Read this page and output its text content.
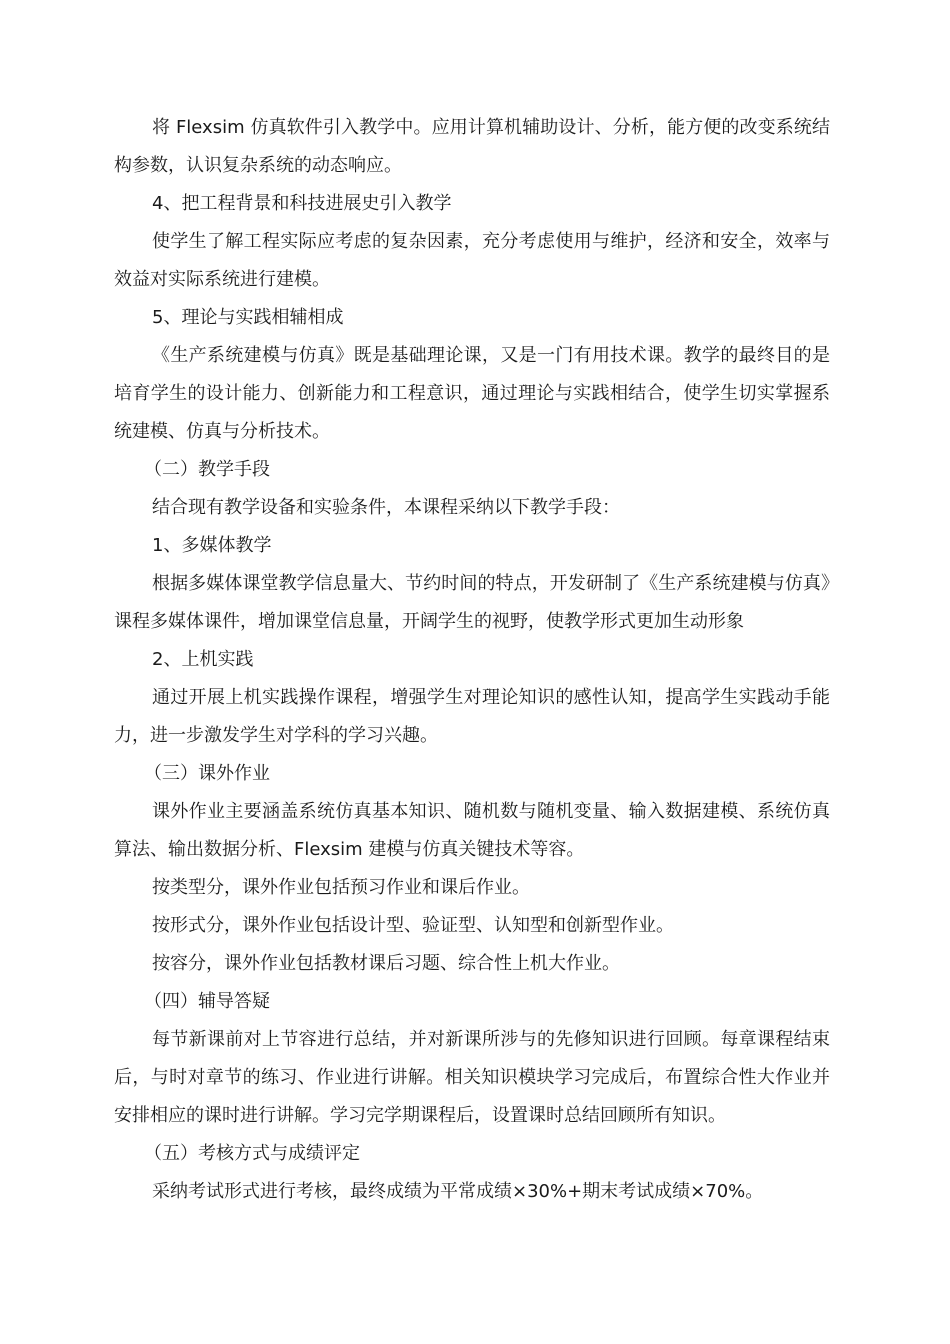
将 Flexsim 仿真软件引入教学中。应用计算机辅助设计、分析，能方便的改变系统结构参数，认识复杂系统的动态响应。

4、把工程背景和科技进展史引入教学

使学生了解工程实际应考虑的复杂因素，充分考虑使用与维护，经济和安全，效率与效益对实际系统进行建模。

5、理论与实践相辅相成

《生产系统建模与仿真》既是基础理论课，又是一门有用技术课。教学的最终目的是培育学生的设计能力、创新能力和工程意识，通过理论与实践相结合，使学生切实掌握系统建模、仿真与分析技术。

（二）教学手段

结合现有教学设备和实验条件，本课程采纳以下教学手段：

1、多媒体教学

根据多媒体课堂教学信息量大、节约时间的特点，开发研制了《生产系统建模与仿真》课程多媒体课件，增加课堂信息量，开阔学生的视野，使教学形式更加生动形象

2、上机实践

通过开展上机实践操作课程，增强学生对理论知识的感性认知，提高学生实践动手能力，进一步激发学生对学科的学习兴趣。

（三）课外作业

课外作业主要涵盖系统仿真基本知识、随机数与随机变量、输入数据建模、系统仿真算法、输出数据分析、Flexsim 建模与仿真关键技术等容。

按类型分，课外作业包括预习作业和课后作业。

按形式分，课外作业包括设计型、验证型、认知型和创新型作业。

按容分，课外作业包括教材课后习题、综合性上机大作业。

（四）辅导答疑

每节新课前对上节容进行总结，并对新课所涉与的先修知识进行回顾。每章课程结束后，与时对章节的练习、作业进行讲解。相关知识模块学习完成后，布置综合性大作业并安排相应的课时进行讲解。学习完学期课程后，设置课时总结回顾所有知识。

（五）考核方式与成绩评定

采纳考试形式进行考核，最终成绩为平常成绩×30%+期末考试成绩×70%。
